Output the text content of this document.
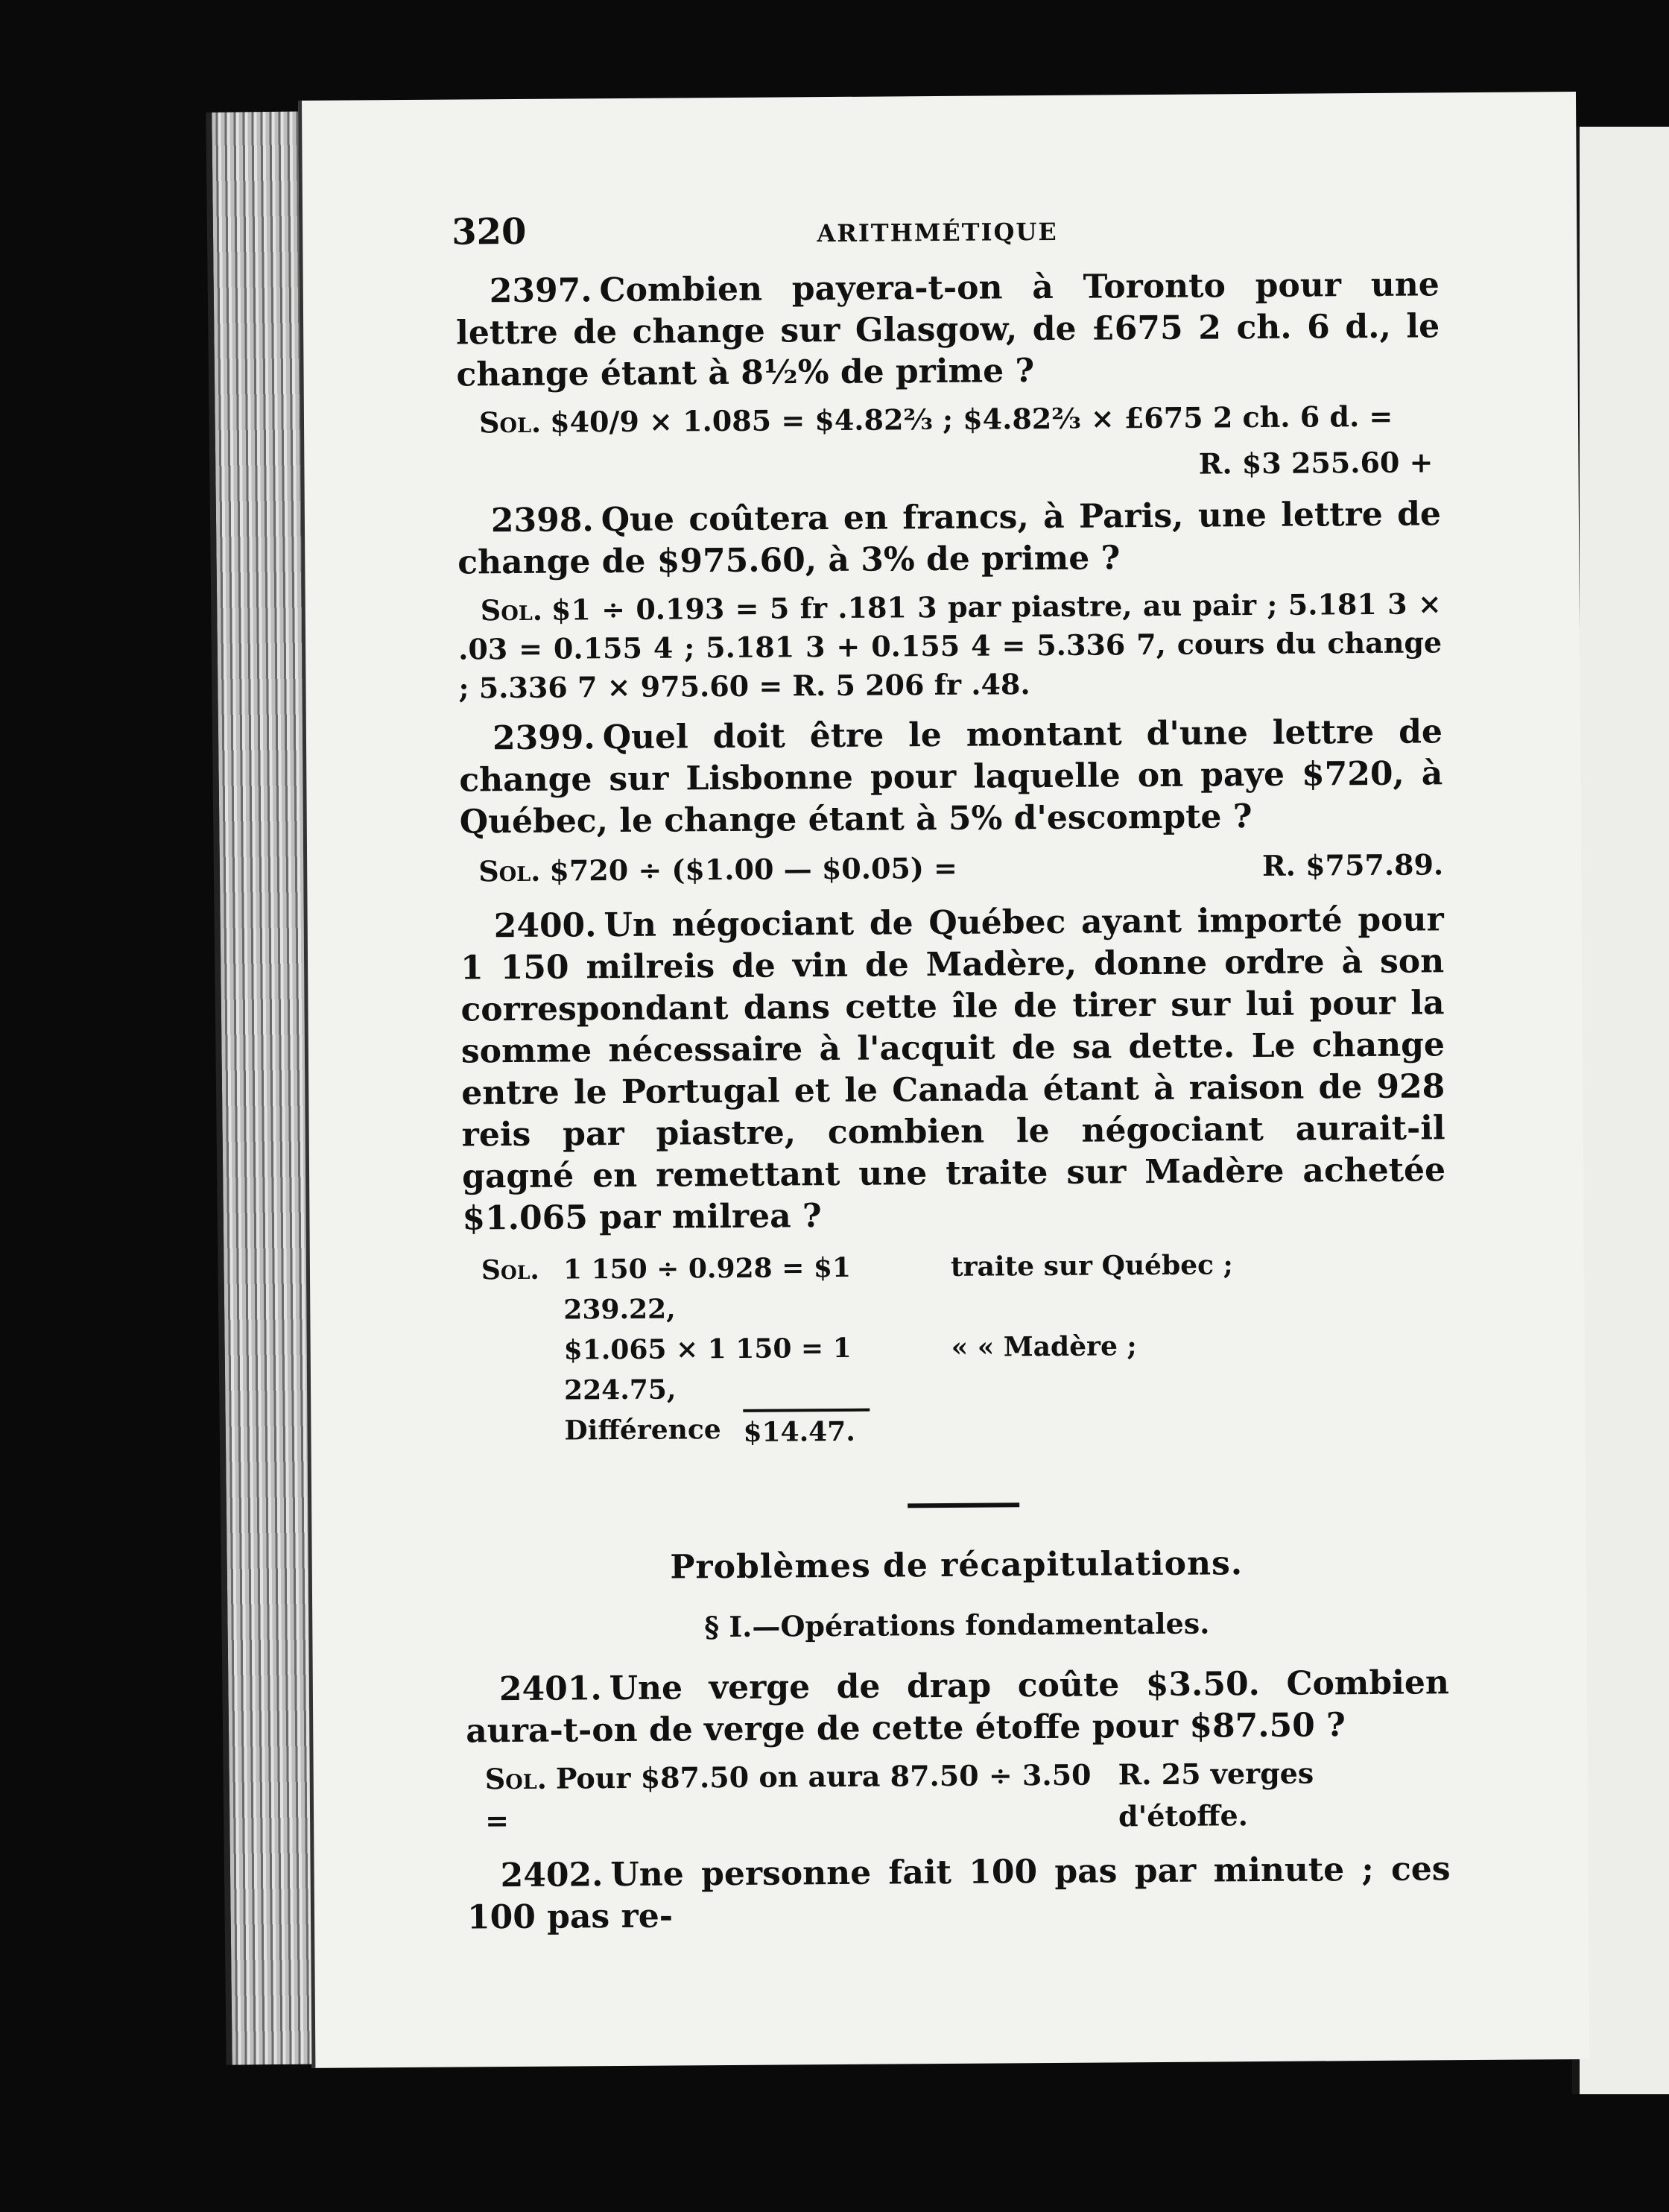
320	ARITHMÉTIQUE

2397. Combien payera-t-on à Toronto pour une lettre de change sur Glasgow, de £675 2 ch. 6 d., le change étant à 8½% de prime ?

Sol. $40/9 × 1.085 = $4.82⅔ ; $4.82⅔ × £675 2 ch. 6 d. =
R. $3 255.60 +

2398. Que coûtera en francs, à Paris, une lettre de change de $975.60, à 3% de prime ?

Sol. $1 ÷ 0.193 = 5 fr .181 3 par piastre, au pair ; 5.181 3 × .03 = 0.155 4 ; 5.181 3 + 0.155 4 = 5.336 7, cours du change ; 5.336 7 × 975.60 = R. 5 206 fr .48.

2399. Quel doit être le montant d'une lettre de change sur Lisbonne pour laquelle on paye $720, à Québec, le change étant à 5% d'escompte ?

Sol. $720 ÷ ($1.00 — $0.05) =	R. $757.89.

2400. Un négociant de Québec ayant importé pour 1 150 milreis de vin de Madère, donne ordre à son correspondant dans cette île de tirer sur lui pour la somme nécessaire à l'acquit de sa dette. Le change entre le Portugal et le Canada étant à raison de 928 reis par piastre, combien le négociant aurait-il gagné en remettant une traite sur Madère achetée $1.065 par milrea ?

Sol. 1 150 ÷ 0.928 = $1 239.22,
traite sur Québec ;
$1.065 × 1 150 = 1 224.75,
« « Madère ;
Différence $14.47.
Problèmes de récapitulations.
§ I.—Opérations fondamentales.

2401. Une verge de drap coûte $3.50. Combien aura-t-on de verge de cette étoffe pour $87.50 ?

Sol. Pour $87.50 on aura 87.50 ÷ 3.50 =
R. 25 verges d'étoffe.

2402. Une personne fait 100 pas par minute ; ces 100 pas re-
